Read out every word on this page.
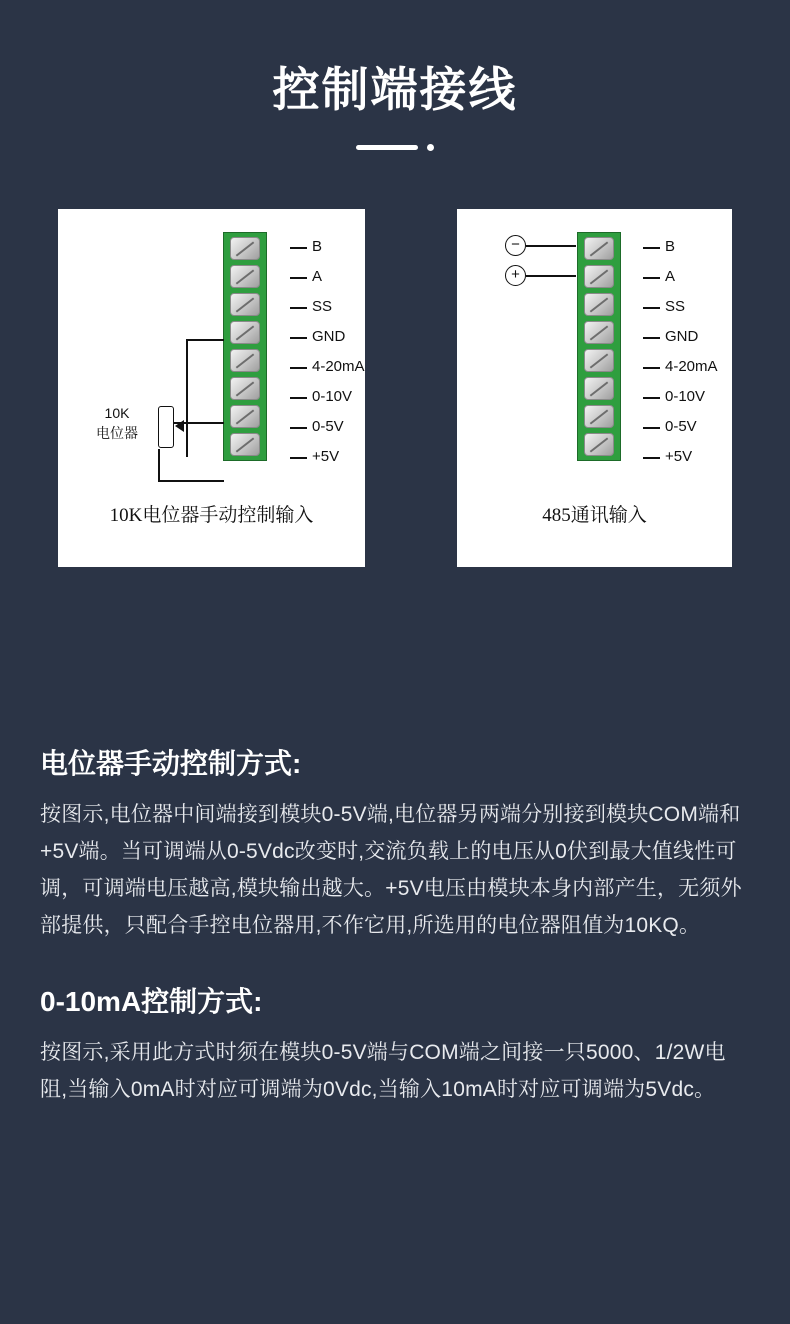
控制端接线
B
A
SS
GND
4-20mA
0-10V
0-5V
+5V
10K
电位器
10K电位器手动控制输入
−
+
B
A
SS
GND
4-20mA
0-10V
0-5V
+5V
485通讯输入
电位器手动控制方式:

按图示,电位器中间端接到模块0-5V端,电位器另两端分别接到模块COM端和+5V端。当可调端从0-5Vdc改变时,交流负载上的电压从0伏到最大值线性可调，可调端电压越高,模块输出越大。+5V电压由模块本身内部产生，无须外部提供，只配合手控电位器用,不作它用,所选用的电位器阻值为10KQ。

0-10mA控制方式:

按图示,采用此方式时须在模块0-5V端与COM端之间接一只5000、1/2W电阻,当输入0mA时对应可调端为0Vdc,当输入10mA时对应可调端为5Vdc。
